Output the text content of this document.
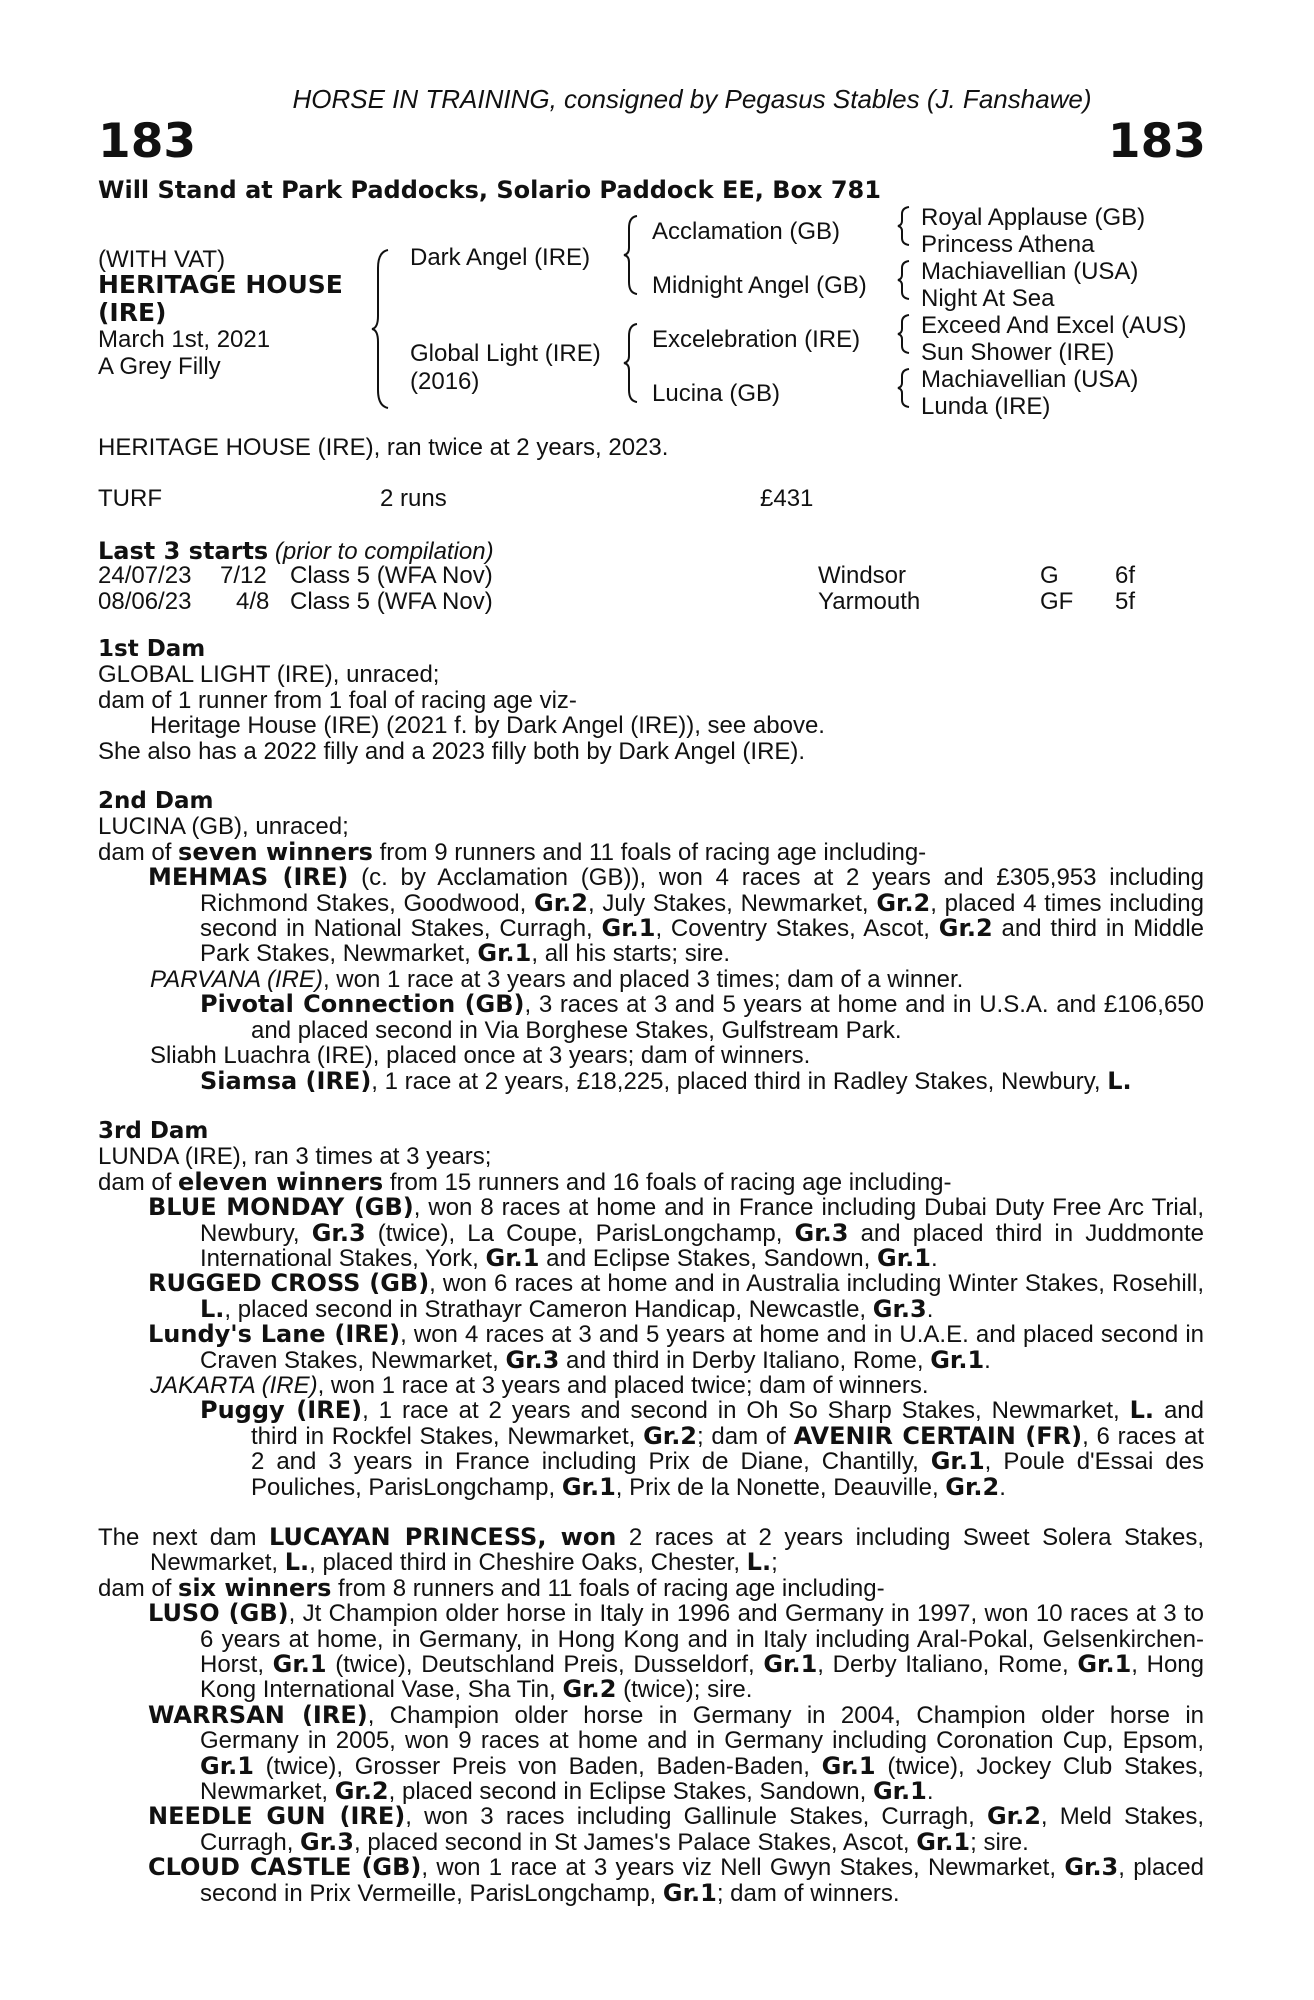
HORSE IN TRAINING, consigned by Pegasus Stables (J. Fanshawe)
183	183
Will Stand at Park Paddocks, Solario Paddock EE, Box 781
(WITH VAT)
HERITAGE HOUSE
(IRE)
March 1st, 2021
A Grey Filly
Dark Angel (IRE)
Global Light (IRE)
(2016)
Acclamation (GB)
Midnight Angel (GB)
Excelebration (IRE)
Lucina (GB)
Royal Applause (GB)
Princess Athena
Machiavellian (USA)
Night At Sea
Exceed And Excel (AUS)
Sun Shower (IRE)
Machiavellian (USA)
Lunda (IRE)
HERITAGE HOUSE (IRE), ran twice at 2 years, 2023.
TURF	2 runs	£431
Last 3 starts (prior to compilation)
24/07/23 7/12 Class 5 (WFA Nov)	Windsor	G 6f
08/06/23 4/8 Class 5 (WFA Nov)	Yarmouth	GF 5f
1st Dam

GLOBAL LIGHT (IRE), unraced;

dam of 1 runner from 1 foal of racing age viz-

Heritage House (IRE) (2021 f. by Dark Angel (IRE)), see above.

She also has a 2022 filly and a 2023 filly both by Dark Angel (IRE).

2nd Dam

LUCINA (GB), unraced;

dam of seven winners from 9 runners and 11 foals of racing age including-

MEHMAS (IRE) (c. by Acclamation (GB)), won 4 races at 2 years and £305,953 including Richmond Stakes, Goodwood, Gr.2, July Stakes, Newmarket, Gr.2, placed 4 times including second in National Stakes, Curragh, Gr.1, Coventry Stakes, Ascot, Gr.2 and third in Middle Park Stakes, Newmarket, Gr.1, all his starts; sire.

PARVANA (IRE), won 1 race at 3 years and placed 3 times; dam of a winner.

Pivotal Connection (GB), 3 races at 3 and 5 years at home and in U.S.A. and £106,650 and placed second in Via Borghese Stakes, Gulfstream Park.

Sliabh Luachra (IRE), placed once at 3 years; dam of winners.

Siamsa (IRE), 1 race at 2 years, £18,225, placed third in Radley Stakes, Newbury, L.

3rd Dam

LUNDA (IRE), ran 3 times at 3 years;

dam of eleven winners from 15 runners and 16 foals of racing age including-

BLUE MONDAY (GB), won 8 races at home and in France including Dubai Duty Free Arc Trial, Newbury, Gr.3 (twice), La Coupe, ParisLongchamp, Gr.3 and placed third in Juddmonte International Stakes, York, Gr.1 and Eclipse Stakes, Sandown, Gr.1.

RUGGED CROSS (GB), won 6 races at home and in Australia including Winter Stakes, Rosehill, L., placed second in Strathayr Cameron Handicap, Newcastle, Gr.3.

Lundy's Lane (IRE), won 4 races at 3 and 5 years at home and in U.A.E. and placed second in Craven Stakes, Newmarket, Gr.3 and third in Derby Italiano, Rome, Gr.1.

JAKARTA (IRE), won 1 race at 3 years and placed twice; dam of winners.

Puggy (IRE), 1 race at 2 years and second in Oh So Sharp Stakes, Newmarket, L. and third in Rockfel Stakes, Newmarket, Gr.2; dam of AVENIR CERTAIN (FR), 6 races at 2 and 3 years in France including Prix de Diane, Chantilly, Gr.1, Poule d'Essai des Pouliches, ParisLongchamp, Gr.1, Prix de la Nonette, Deauville, Gr.2.

The next dam LUCAYAN PRINCESS, won 2 races at 2 years including Sweet Solera Stakes, Newmarket, L., placed third in Cheshire Oaks, Chester, L.;

dam of six winners from 8 runners and 11 foals of racing age including-

LUSO (GB), Jt Champion older horse in Italy in 1996 and Germany in 1997, won 10 races at 3 to 6 years at home, in Germany, in Hong Kong and in Italy including Aral-Pokal, Gelsenkirchen-Horst, Gr.1 (twice), Deutschland Preis, Dusseldorf, Gr.1, Derby Italiano, Rome, Gr.1, Hong Kong International Vase, Sha Tin, Gr.2 (twice); sire.

WARRSAN (IRE), Champion older horse in Germany in 2004, Champion older horse in Germany in 2005, won 9 races at home and in Germany including Coronation Cup, Epsom, Gr.1 (twice), Grosser Preis von Baden, Baden-Baden, Gr.1 (twice), Jockey Club Stakes, Newmarket, Gr.2, placed second in Eclipse Stakes, Sandown, Gr.1.

NEEDLE GUN (IRE), won 3 races including Gallinule Stakes, Curragh, Gr.2, Meld Stakes, Curragh, Gr.3, placed second in St James's Palace Stakes, Ascot, Gr.1; sire.

CLOUD CASTLE (GB), won 1 race at 3 years viz Nell Gwyn Stakes, Newmarket, Gr.3, placed second in Prix Vermeille, ParisLongchamp, Gr.1; dam of winners.
